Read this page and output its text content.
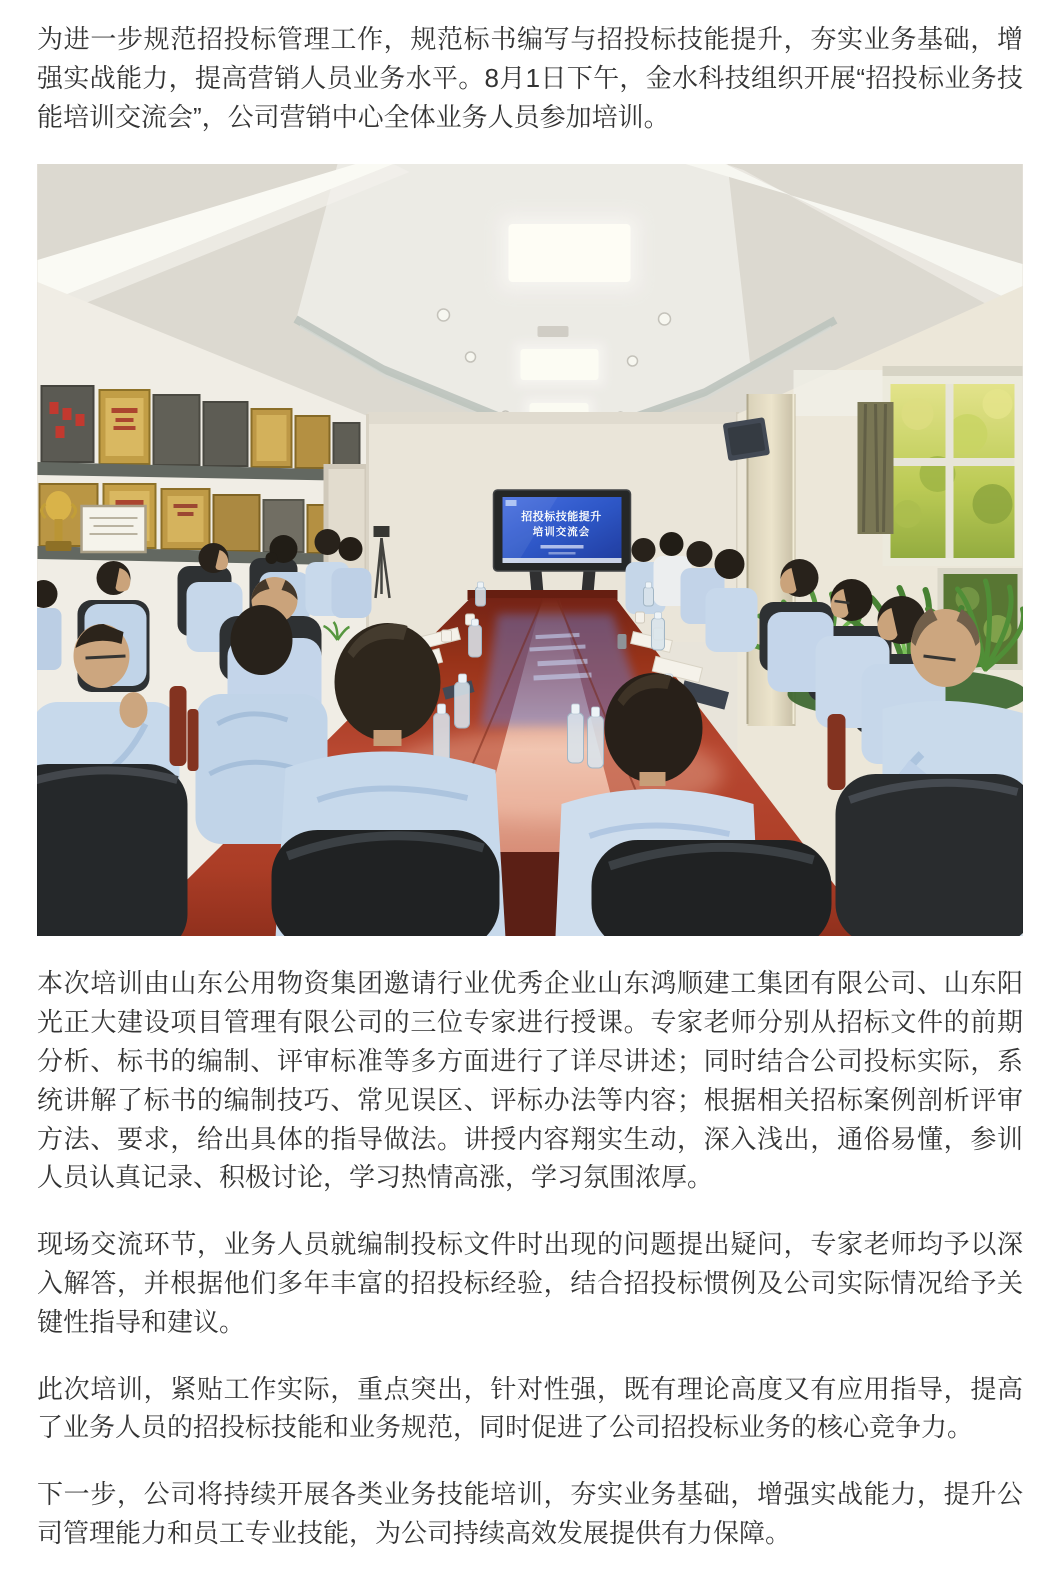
为进一步规范招投标管理工作，规范标书编写与招投标技能提升，夯实业务基础，增强实战能力，提高营销人员业务水平。8月1日下午，金水科技组织开展“招投标业务技能培训交流会”，公司营销中心全体业务人员参加培训。

招投标技能提升
培训交流会

本次培训由山东公用物资集团邀请行业优秀企业山东鸿顺建工集团有限公司、山东阳光正大建设项目管理有限公司的三位专家进行授课。专家老师分别从招标文件的前期分析、标书的编制、评审标准等多方面进行了详尽讲述；同时结合公司投标实际，系统讲解了标书的编制技巧、常见误区、评标办法等内容；根据相关招标案例剖析评审方法、要求，给出具体的指导做法。讲授内容翔实生动，深入浅出，通俗易懂，参训人员认真记录、积极讨论，学习热情高涨，学习氛围浓厚。

现场交流环节，业务人员就编制投标文件时出现的问题提出疑问，专家老师均予以深入解答，并根据他们多年丰富的招投标经验，结合招投标惯例及公司实际情况给予关键性指导和建议。

此次培训，紧贴工作实际，重点突出，针对性强，既有理论高度又有应用指导，提高了业务人员的招投标技能和业务规范，同时促进了公司招投标业务的核心竞争力。

下一步，公司将持续开展各类业务技能培训，夯实业务基础，增强实战能力，提升公司管理能力和员工专业技能，为公司持续高效发展提供有力保障。
